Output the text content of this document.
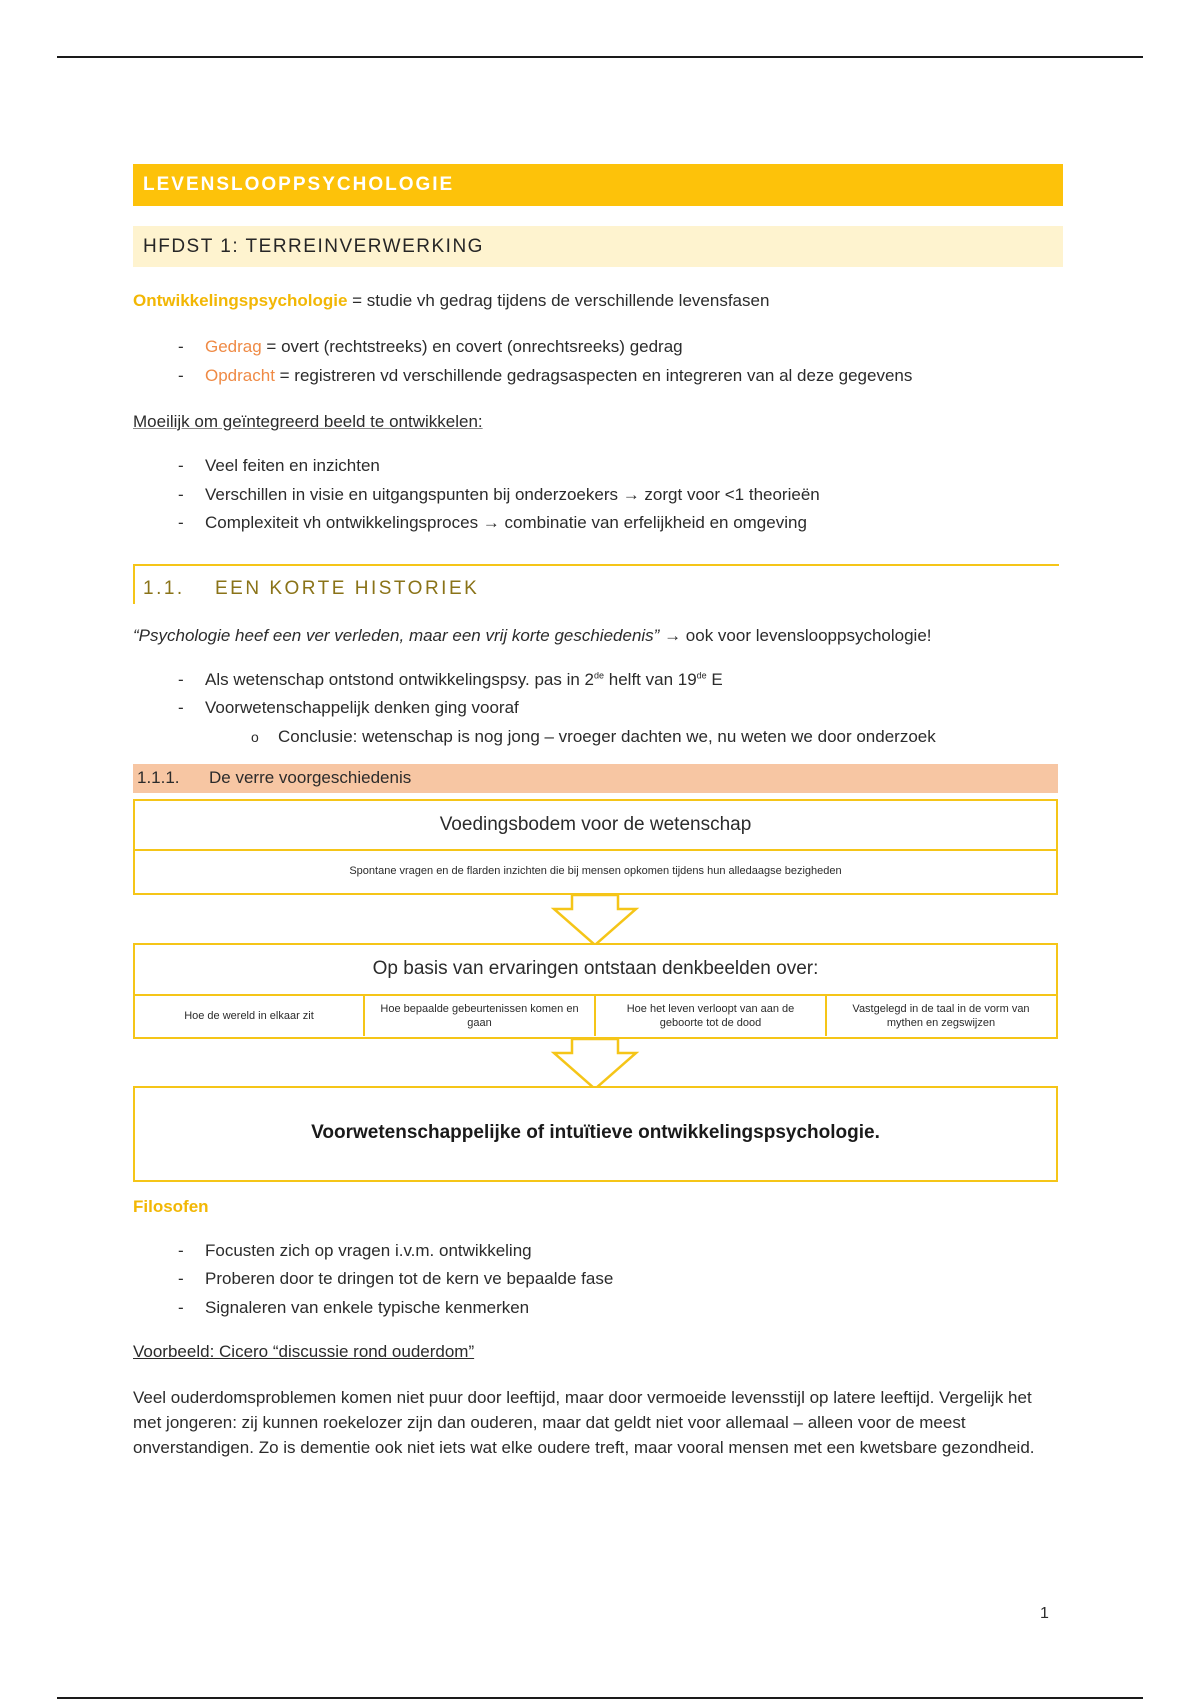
LEVENSLOOPPSYCHOLOGIE
HFDST 1: TERREINVERWERKING

Ontwikkelingspsychologie = studie vh gedrag tijdens de verschillende levensfasen

- Gedrag = overt (rechtstreeks) en covert (onrechtsreeks) gedrag
- Opdracht = registreren vd verschillende gedragsaspecten en integreren van al deze gegevens

Moeilijk om geïntegreerd beeld te ontwikkelen:

- Veel feiten en inzichten
- Verschillen in visie en uitgangspunten bij onderzoekers → zorgt voor <1 theorieën
- Complexiteit vh ontwikkelingsproces → combinatie van erfelijkheid en omgeving
1.1.	EEN KORTE HISTORIEK

“Psychologie heef een ver verleden, maar een vrij korte geschiedenis” → ook voor levenslooppsychologie!

- Als wetenschap ontstond ontwikkelingspsy. pas in 2de helft van 19de E
- Voorwetenschappelijk denken ging vooraf
o Conclusie: wetenschap is nog jong – vroeger dachten we, nu weten we door onderzoek
1.1.1.	De verre voorgeschiedenis
Voedingsbodem voor de wetenschap
Spontane vragen en de flarden inzichten die bij mensen opkomen tijdens hun alledaagse bezigheden
Op basis van ervaringen ontstaan denkbeelden over:
Hoe de wereld in elkaar zit
Hoe bepaalde gebeurtenissen komen en gaan
Hoe het leven verloopt van aan de geboorte tot de dood
Vastgelegd in de taal in de vorm van mythen en zegswijzen
Voorwetenschappelijke of intuïtieve ontwikkelingspsychologie.

Filosofen

- Focusten zich op vragen i.v.m. ontwikkeling
- Proberen door te dringen tot de kern ve bepaalde fase
- Signaleren van enkele typische kenmerken

Voorbeeld: Cicero “discussie rond ouderdom”

Veel ouderdomsproblemen komen niet puur door leeftijd, maar door vermoeide levensstijl op latere leeftijd. Vergelijk het met jongeren: zij kunnen roekelozer zijn dan ouderen, maar dat geldt niet voor allemaal – alleen voor de meest onverstandigen. Zo is dementie ook niet iets wat elke oudere treft, maar vooral mensen met een kwetsbare gezondheid.

1
